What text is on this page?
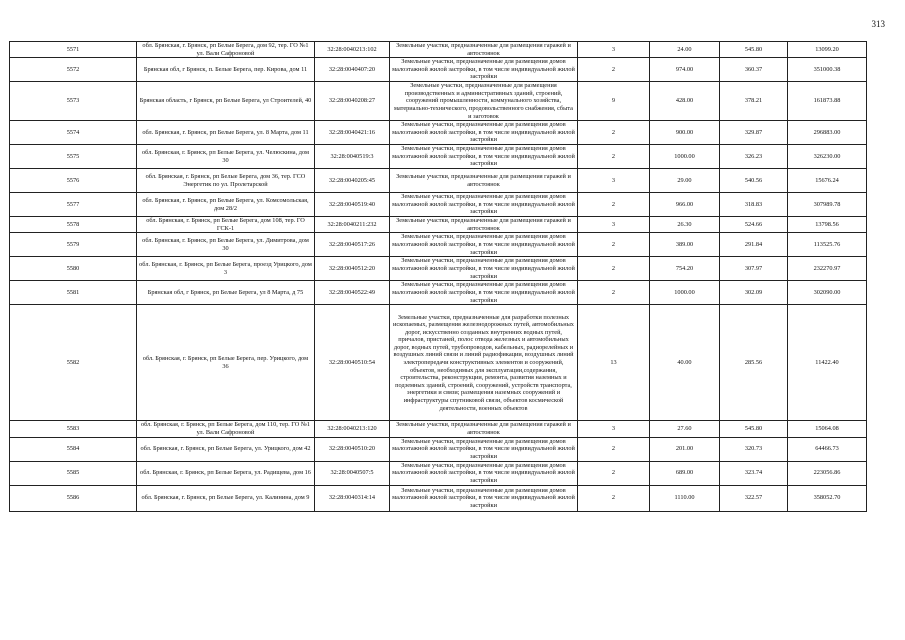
313
5571	обл. Брянская, г. Брянск, рп Белые Берега, дом 92, тер. ГО №1 ул. Вали Сафроновой	32:28:0040213:102	Земельные участки, предназначенные для размещения гаражей и автостоянок	3	24.00	545.80	13099.20
5572	Брянская обл, г Брянск, п. Белые Берега, пер. Кирова, дом 11	32:28:0040407:20	Земельные участки, предназначенные для размещения домов малоэтажной жилой застройки, в том числе индивидуальной жилой застройки	2	974.00	360.37	351000.38
5573	Брянская область, г Брянск, рп Белые Берега, ул Строителей, 40	32:28:0040208:27	Земельные участки, предназначенные для размещения производственных и административных зданий, строений, сооружений промышленности, коммунального хозяйства, материально-технического, продовольственного снабжения, сбыта и заготовок	9	428.00	378.21	161873.88
5574	обл. Брянская, г. Брянск, рп Белые Берега, ул. 8 Марта, дом 11	32:28:0040421:16	Земельные участки, предназначенные для размещения домов малоэтажной жилой застройки, в том числе индивидуальной жилой застройки	2	900.00	329.87	296883.00
5575	обл. Брянская, г. Брянск, рп Белые Берега, ул. Челюскина, дом 30	32:28:0040519:3	Земельные участки, предназначенные для размещения домов малоэтажной жилой застройки, в том числе индивидуальной жилой застройки	2	1000.00	326.23	326230.00
5576	обл. Брянская, г. Брянск, рп Белые Берега, дом 36, тер. ГСО Энергетик по ул. Пролетарской	32:28:0040205:45	Земельные участки, предназначенные для размещения гаражей и автостоянок	3	29.00	540.56	15676.24
5577	обл. Брянская, г. Брянск, рп Белые Берега, ул. Комсомольская, дом 28/2	32:28:0040519:40	Земельные участки, предназначенные для размещения домов малоэтажной жилой застройки, в том числе индивидуальной жилой застройки	2	966.00	318.83	307989.78
5578	обл. Брянская, г. Брянск, рп Белые Берега, дом 108, тер. ГО ГСК-1	32:28:0040211:232	Земельные участки, предназначенные для размещения гаражей и автостоянок	3	26.30	524.66	13798.56
5579	обл. Брянская, г. Брянск, рп Белые Берега, ул. Димитрова, дом 30	32:28:0040517:26	Земельные участки, предназначенные для размещения домов малоэтажной жилой застройки, в том числе индивидуальной жилой застройки	2	389.00	291.84	113525.76
5580	обл. Брянская, г. Брянск, рп Белые Берега, проезд Урицкого, дом 3	32:28:0040512:20	Земельные участки, предназначенные для размещения домов малоэтажной жилой застройки, в том числе индивидуальной жилой застройки	2	754.20	307.97	232270.97
5581	Брянская обл, г Брянск, рп Белые Берега, ул 8 Марта, д 75	32:28:0040522:49	Земельные участки, предназначенные для размещения домов малоэтажной жилой застройки, в том числе индивидуальной жилой застройки	2	1000.00	302.09	302090.00
5582	обл. Брянская, г. Брянск, рп Белые Берега, пер. Урицкого, дом 36	32:28:0040510:54	Земельные участки, предназначенные для разработки полезных ископаемых, размещения железнодорожных путей, автомобильных дорог, искусственно созданных внутренних водных путей, причалов, пристаней, полос отвода железных и автомобильных дорог, водных путей, трубопроводов, кабельных, радиорелейных и воздушных линий связи и линий радиофикации, воздушных линий электропередачи конструктивных элементов и сооружений, объектов, необходимых для эксплуатации,содержания, строительства, реконструкции, ремонта, развития наземных и подземных зданий, строений, сооружений, устройств транспорта, энергетики и связи; размещения наземных сооружений и инфраструктуры спутниковой связи, объектов космической деятельности, военных объектов	13	40.00	285.56	11422.40
5583	обл. Брянская, г. Брянск, рп Белые Берега, дом 110, тер. ГО №1 ул. Вали Сафроновой	32:28:0040213:120	Земельные участки, предназначенные для размещения гаражей и автостоянок	3	27.60	545.80	15064.08
5584	обл. Брянская, г. Брянск, рп Белые Берега, ул. Урицкого, дом 42	32:28:0040510:20	Земельные участки, предназначенные для размещения домов малоэтажной жилой застройки, в том числе индивидуальной жилой застройки	2	201.00	320.73	64466.73
5585	обл. Брянская, г. Брянск, рп Белые Берега, ул. Радищева, дом 16	32:28:0040507:5	Земельные участки, предназначенные для размещения домов малоэтажной жилой застройки, в том числе индивидуальной жилой застройки	2	689.00	323.74	223056.86
5586	обл. Брянская, г. Брянск, рп Белые Берега, ул. Калинина, дом 9	32:28:0040314:14	Земельные участки, предназначенные для размещения домов малоэтажной жилой застройки, в том числе индивидуальной жилой застройки	2	1110.00	322.57	358052.70
